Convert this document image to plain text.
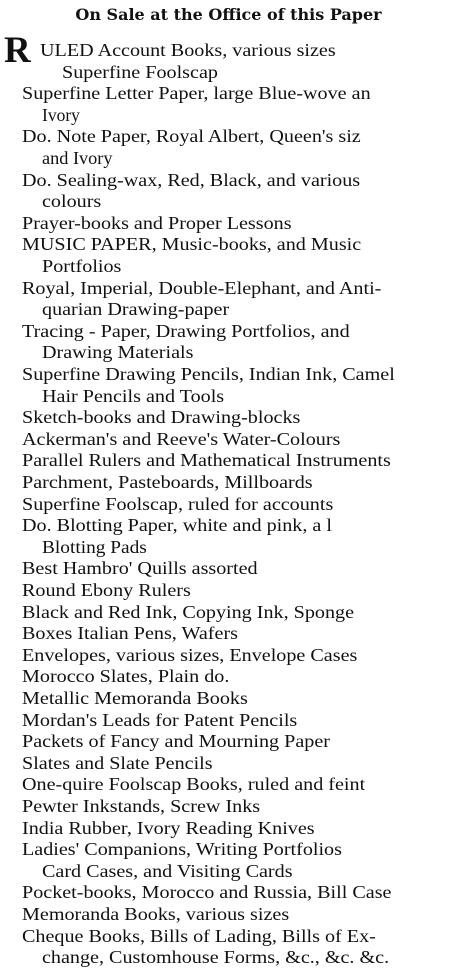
On Sale at the Office of this Paper
R ULED Account Books, various sizes
Superfine Foolscap
Superfine Letter Paper, large Blue-wove an
Ivory
Do. Note Paper, Royal Albert, Queen's siz
and Ivory
Do. Sealing-wax, Red, Black, and various
colours
Prayer-books and Proper Lessons
MUSIC PAPER, Music-books, and Music
Portfolios
Royal, Imperial, Double-Elephant, and Anti-
quarian Drawing-paper
Tracing - Paper, Drawing Portfolios, and
Drawing Materials
Superfine Drawing Pencils, Indian Ink, Camel
Hair Pencils and Tools
Sketch-books and Drawing-blocks
Ackerman's and Reeve's Water-Colours
Parallel Rulers and Mathematical Instruments
Parchment, Pasteboards, Millboards
Superfine Foolscap, ruled for accounts
Do. Blotting Paper, white and pink, a l
Blotting Pads
Best Hambro' Quills assorted
Round Ebony Rulers
Black and Red Ink, Copying Ink, Sponge
Boxes Italian Pens, Wafers
Envelopes, various sizes, Envelope Cases
Morocco Slates, Plain do.
Metallic Memoranda Books
Mordan's Leads for Patent Pencils
Packets of Fancy and Mourning Paper
Slates and Slate Pencils
One-quire Foolscap Books, ruled and feint
Pewter Inkstands, Screw Inks
India Rubber, Ivory Reading Knives
Ladies' Companions, Writing Portfolios
Card Cases, and Visiting Cards
Pocket-books, Morocco and Russia, Bill Case
Memoranda Books, various sizes
Cheque Books, Bills of Lading, Bills of Ex-
change, Customhouse Forms, &c., &c. &c.
